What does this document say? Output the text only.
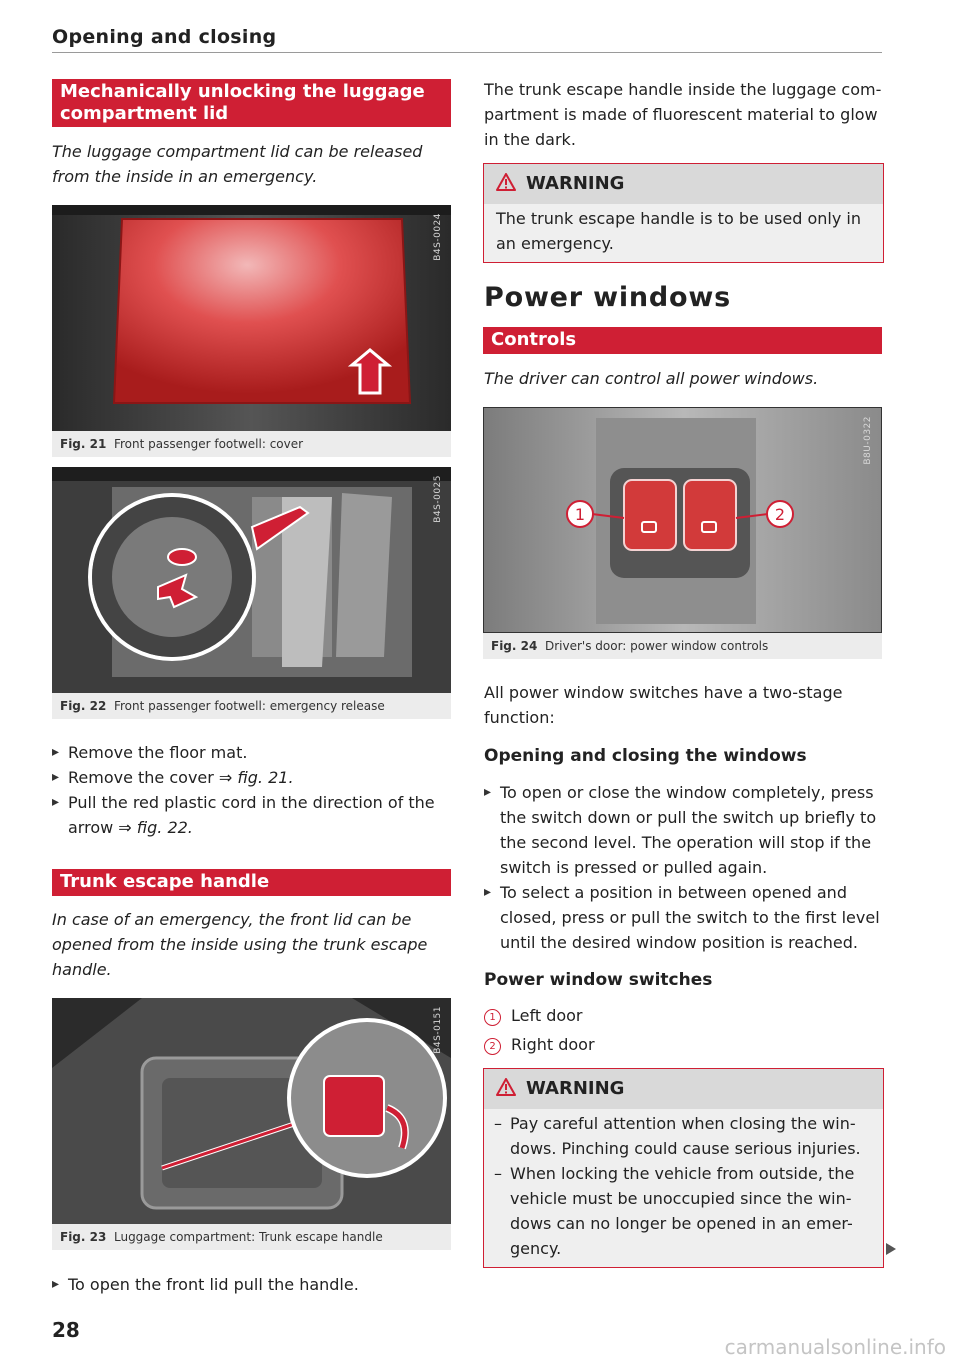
Opening and closing
Mechanically unlocking the luggage
compartment lid
The luggage compartment lid can be released
from the inside in an emergency.
B4S-0024
Fig. 21 Front passenger footwell: cover
B4S-0025
Fig. 22 Front passenger footwell: emergency release
▸ Remove the floor mat.
▸ Remove the cover ⇒ fig. 21.
▸ Pull the red plastic cord in the direction of the
arrow ⇒ fig. 22.
Trunk escape handle
In case of an emergency, the front lid can be
opened from the inside using the trunk escape
handle.
B4S-0151
Fig. 23 Luggage compartment: Trunk escape handle
▸ To open the front lid pull the handle.
The trunk escape handle inside the luggage com-
partment is made of fluorescent material to glow
in the dark.
WARNING
The trunk escape handle is to be used only in
an emergency.
Power windows
Controls
The driver can control all power windows.
1	2
B8U-0322
Fig. 24 Driver's door: power window controls
All power window switches have a two-stage
function:
Opening and closing the windows
▸ To open or close the window completely, press
the switch down or pull the switch up briefly to
the second level. The operation will stop if the
switch is pressed or pulled again.
▸ To select a position in between opened and
closed, press or pull the switch to the first level
until the desired window position is reached.
Power window switches
1 Left door
2 Right door
WARNING
– Pay careful attention when closing the win-
dows. Pinching could cause serious injuries.
– When locking the vehicle from outside, the
vehicle must be unoccupied since the win-
dows can no longer be opened in an emer-
gency.
28
carmanualsonline.info
